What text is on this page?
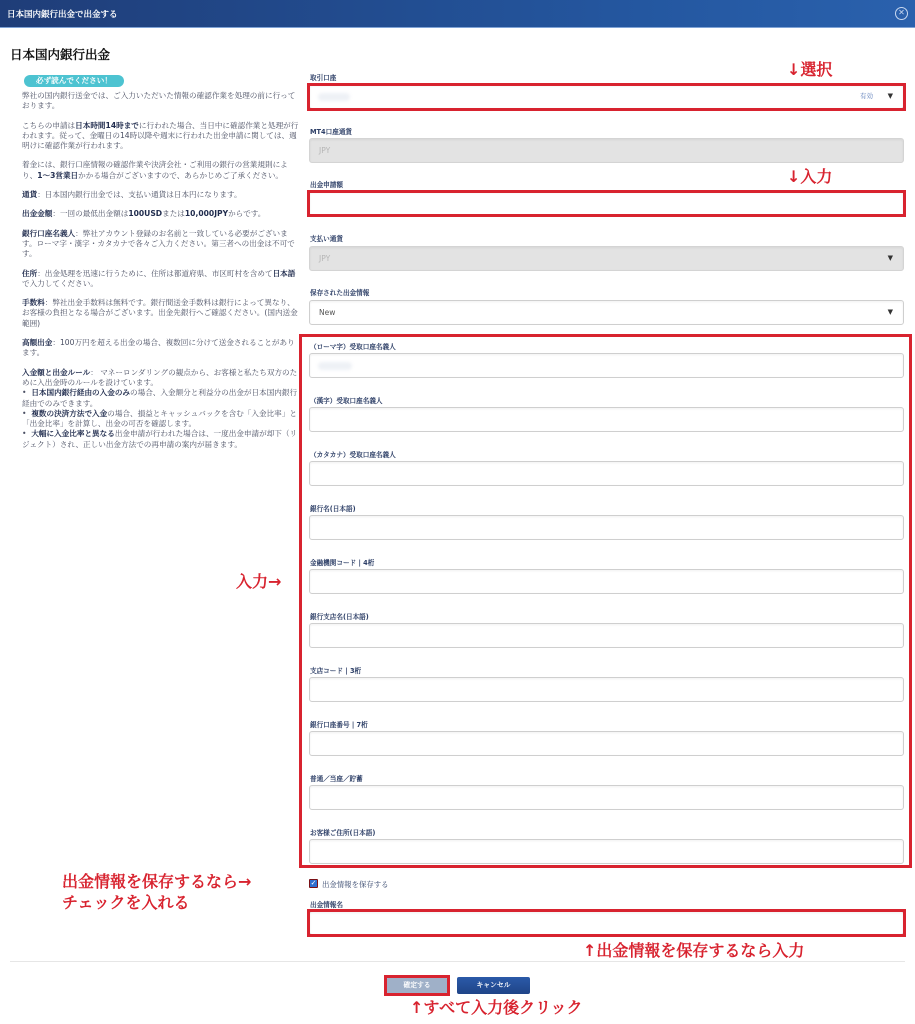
日本国内銀行出金で出金する	✕
日本国内銀行出金
必ず読んでください！

弊社の国内銀行送金では、ご入力いただいた情報の確認作業を処理の前に行っております。

こちらの申請は日本時間14時までに行われた場合、当日中に確認作業と処理が行われます。従って、金曜日の14時以降や週末に行われた出金申請に関しては、週明けに確認作業が行われます。

着金には、銀行口座情報の確認作業や決済会社・ご利用の銀行の営業規則により、1〜3営業日かかる場合がございますので、あらかじめご了承ください。

通貨：日本国内銀行出金では、支払い通貨は日本円になります。

出金金額：一回の最低出金額は100USDまたは10,000JPYからです。

銀行口座名義人：弊社アカウント登録のお名前と一致している必要がございます。ローマ字・漢字・カタカナで各々ご入力ください。第三者への出金は不可です。

住所：出金処理を迅速に行うために、住所は都道府県、市区町村を含めて日本語で入力してください。

手数料：弊社出金手数料は無料です。銀行間送金手数料は銀行によって異なり、お客様の負担となる場合がございます。出金先銀行へご確認ください。(国内送金範囲)

高額出金：100万円を超える出金の場合、複数回に分けて送金されることがあります。

入金額と出金ルール： マネーロンダリングの観点から、お客様と私たち双方のために入出金時のルールを設けています。

•  日本国内銀行経由の入金のみの場合、入金額分と利益分の出金が日本国内銀行経由でのみできます。

•  複数の決済方法で入金の場合、損益とキャッシュバックを含む「入金比率」と「出金比率」を計算し、出金の可否を確認します。

•  大幅に入金比率と異なる出金申請が行われた場合は、一度出金申請が却下（リジェクト）され、正しい出金方法での再申請の案内が届きます。

取引口座
有効 ▼
MT4口座通貨
JPY
出金申請額
支払い通貨
JPY	▼
保存された出金情報
New	▼
（ローマ字）受取口座名義人
（漢字）受取口座名義人
（カタカナ）受取口座名義人
銀行名(日本語)
金融機関コード | 4桁
銀行支店名(日本語)
支店コード | 3桁
銀行口座番号 | 7桁
普通／当座／貯蓄
お客様ご住所(日本語)
✓ 出金情報を保存する
出金情報名
確定する	キャンセル
↓選択
↓入力
入力→
出金情報を保存するなら→
チェックを入れる
↑出金情報を保存するなら入力
↑すべて入力後クリック
